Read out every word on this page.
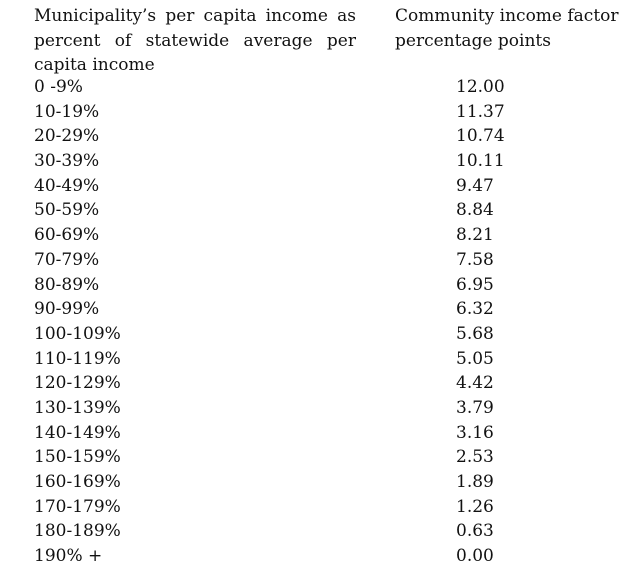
Municipality’s per capita income as percent of statewide average per capita income
Community income factor
percentage points
0 -9%	12.00
10-19%	11.37
20-29%	10.74
30-39%	10.11
40-49%	9.47
50-59%	8.84
60-69%	8.21
70-79%	7.58
80-89%	6.95
90-99%	6.32
100-109%	5.68
110-119%	5.05
120-129%	4.42
130-139%	3.79
140-149%	3.16
150-159%	2.53
160-169%	1.89
170-179%	1.26
180-189%	0.63
190% +	0.00
